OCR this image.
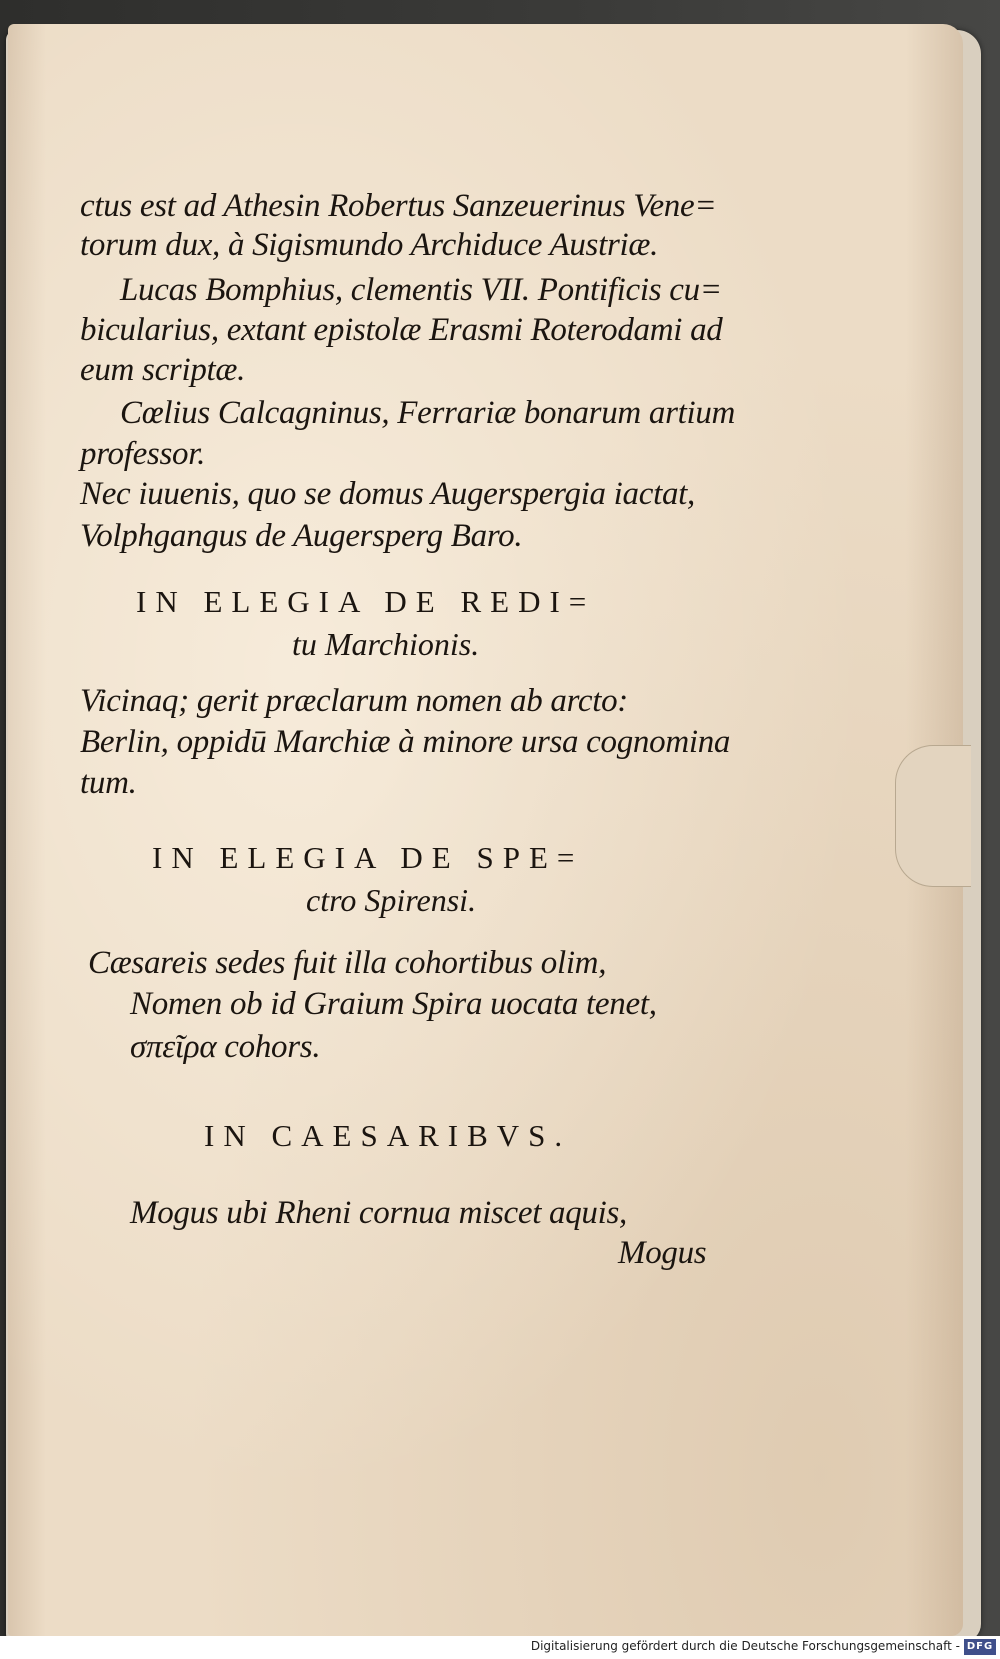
ctus est ad Athesin Robertus Sanzeuerinus Vene=
torum dux, à Sigismundo Archiduce Austriæ.
Lucas Bomphius, clementis VII. Pontificis cu=
bicularius, extant epistolæ Erasmi Roterodami ad
eum scriptæ.
Cœlius Calcagninus, Ferrariæ bonarum artium
professor.
Nec iuuenis, quo se domus Augerspergia iactat,
Volphgangus de Augersperg Baro.
IN ELEGIA DE REDI=
tu Marchionis.
Vicinaq; gerit præclarum nomen ab arcto:
Berlin, oppidū Marchiæ à minore ursa cognomina
tum.
IN ELEGIA DE SPE=
ctro Spirensi.
Cæsareis sedes fuit illa cohortibus olim,
Nomen ob id Graium Spira uocata tenet,
σπεῖρα cohors.
IN CAESARIBVS.
Mogus ubi Rheni cornua miscet aquis,
Mogus
Digitalisierung gefördert durch die Deutsche Forschungsgemeinschaft - DFG
